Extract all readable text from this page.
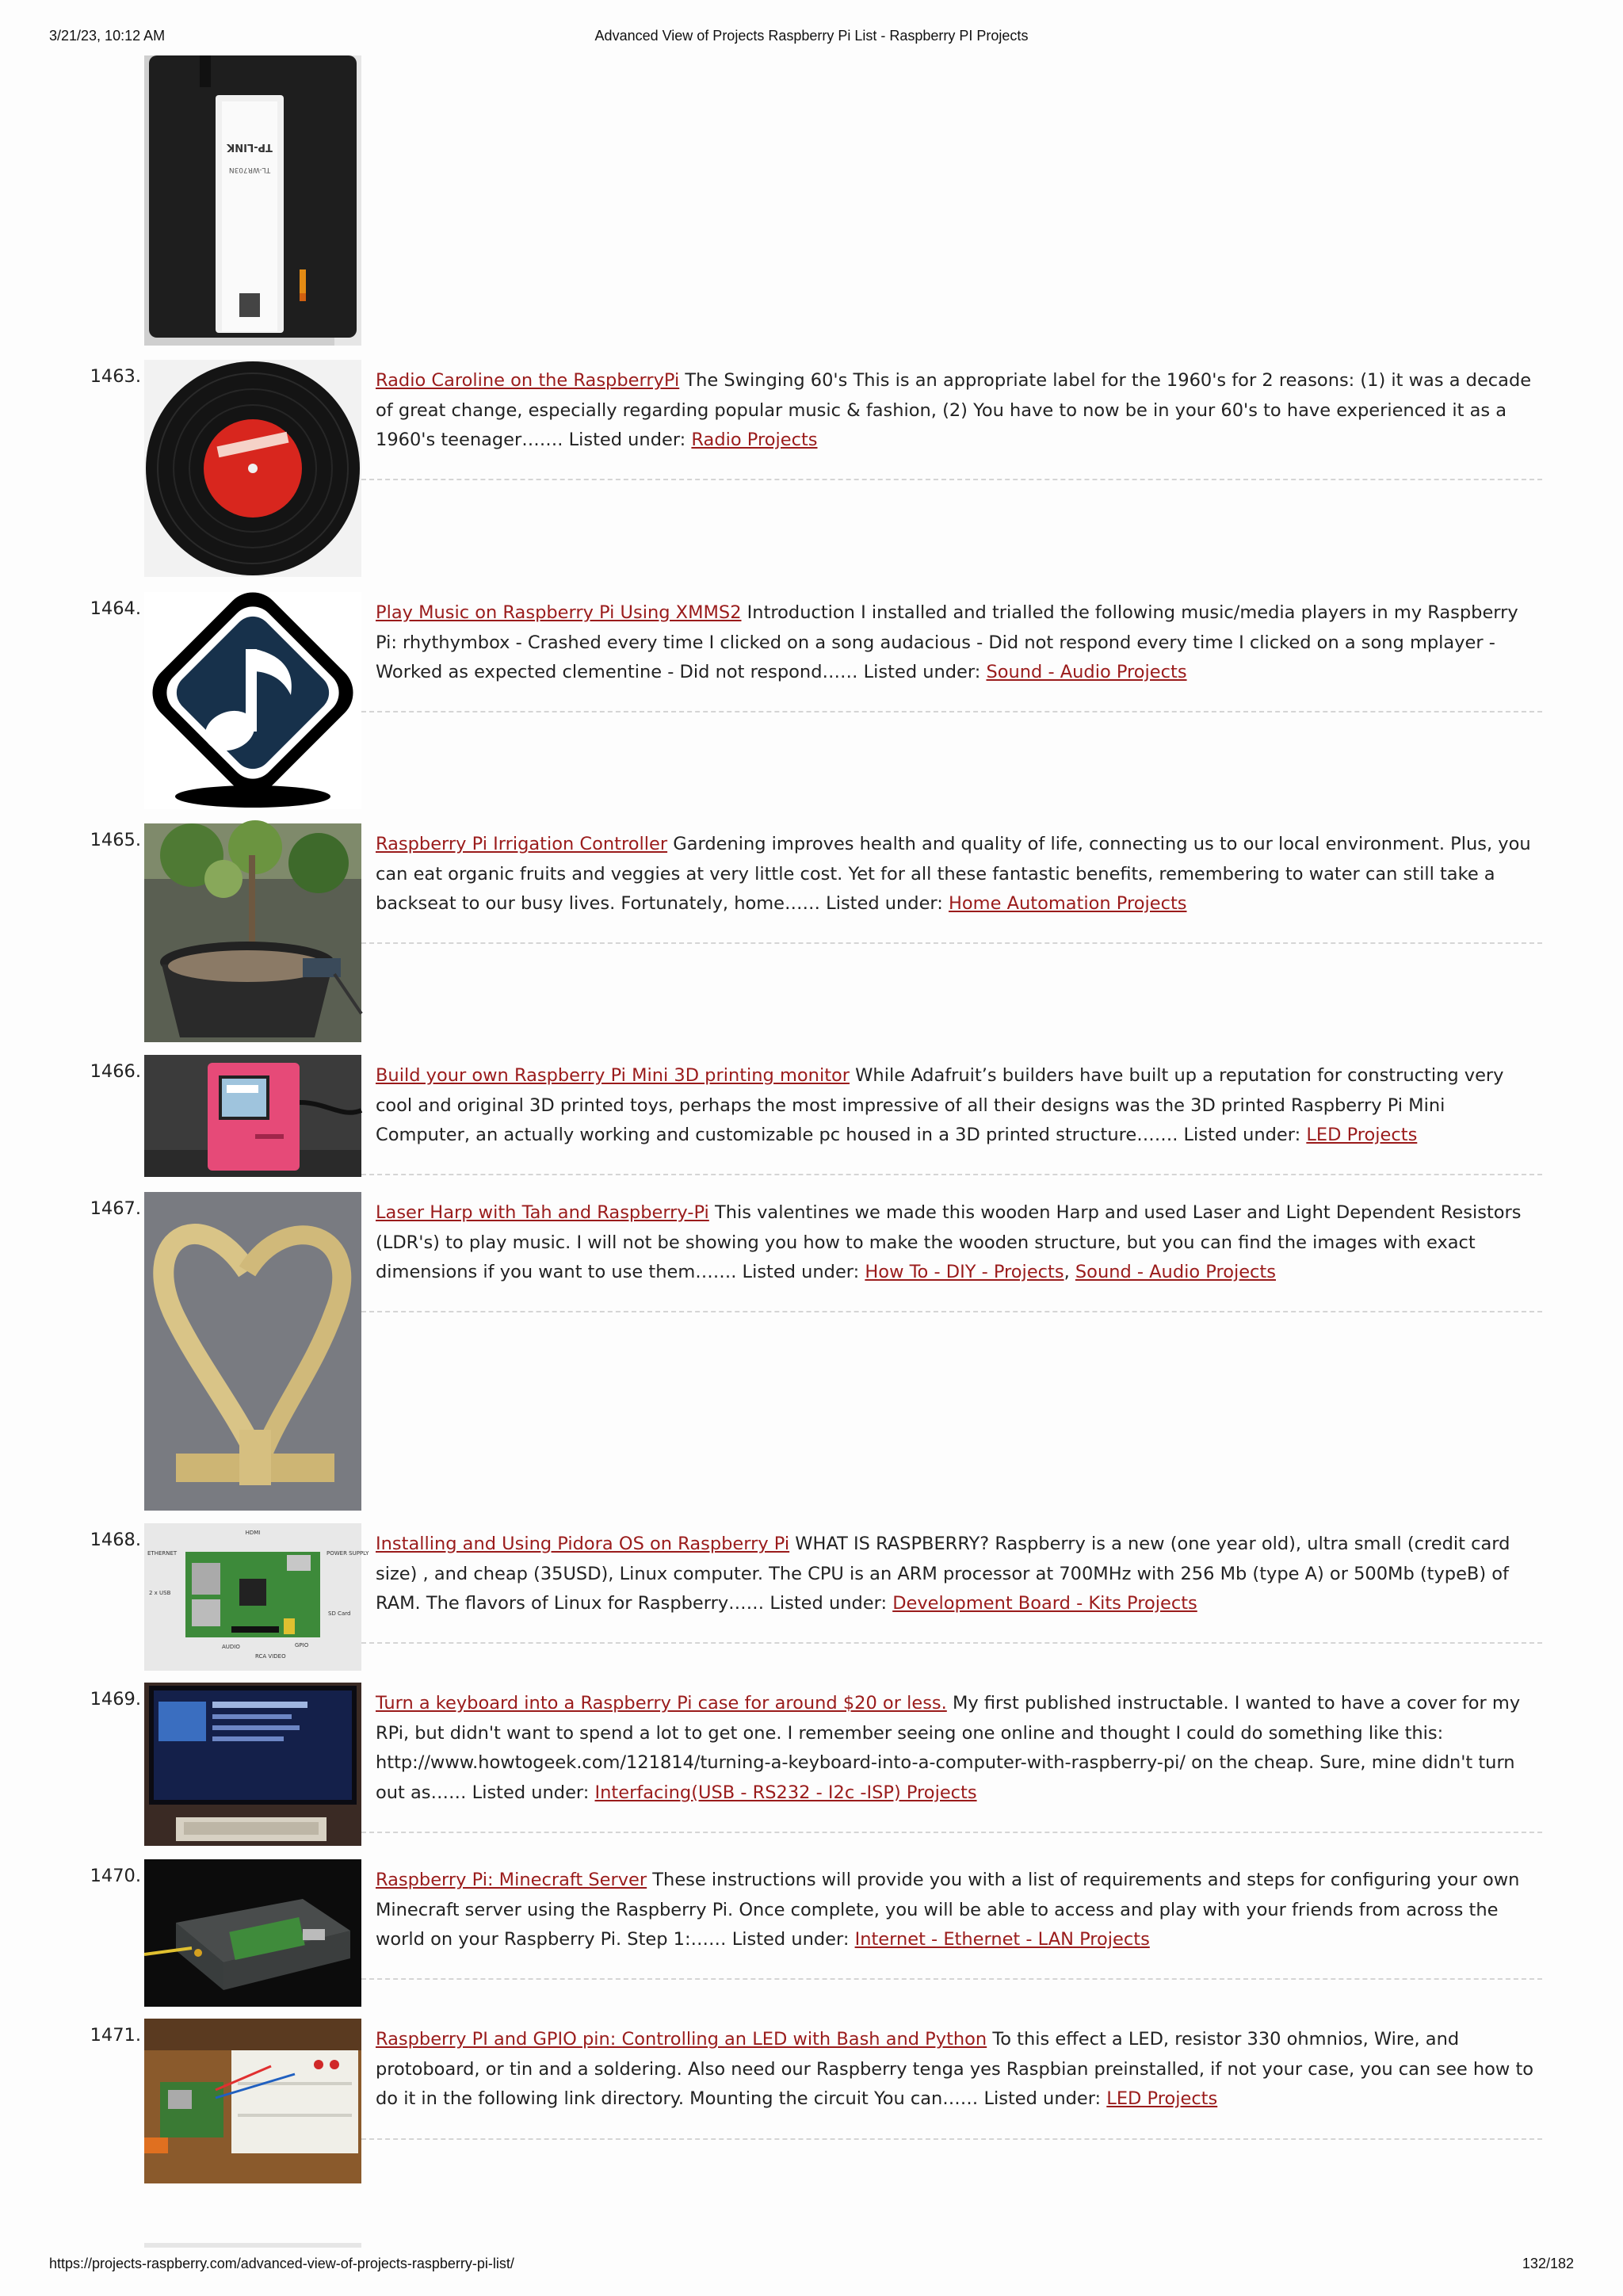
3/21/23, 10:12 AM	Advanced View of Projects Raspberry Pi List - Raspberry PI Projects
TP-LINK
TL-WR703N
1463.	Radio Caroline on the RaspberryPi The Swinging 60's This is an appropriate label for the 1960's for 2 reasons: (1) it was a decade of great change, especially regarding popular music & fashion, (2) You have to now be in your 60's to have experienced it as a 1960's teenager……. Listed under: Radio Projects
1464.	Play Music on Raspberry Pi Using XMMS2 Introduction I installed and trialled the following music/media players in my Raspberry Pi: rhythymbox - Crashed every time I clicked on a song audacious - Did not respond every time I clicked on a song mplayer - Worked as expected clementine - Did not respond…… Listed under: Sound - Audio Projects
1465.	Raspberry Pi Irrigation Controller Gardening improves health and quality of life, connecting us to our local environment. Plus, you can eat organic fruits and veggies at very little cost. Yet for all these fantastic benefits, remembering to water can still take a backseat to our busy lives. Fortunately, home…… Listed under: Home Automation Projects
1466.	Build your own Raspberry Pi Mini 3D printing monitor While Adafruit’s builders have built up a reputation for constructing very cool and original 3D printed toys, perhaps the most impressive of all their designs was the 3D printed Raspberry Pi Mini Computer, an actually working and customizable pc housed in a 3D printed structure……. Listed under: LED Projects
1467.	Laser Harp with Tah and Raspberry-Pi This valentines we made this wooden Harp and used Laser and Light Dependent Resistors (LDR's) to play music. I will not be showing you how to make the wooden structure, but you can find the images with exact dimensions if you want to use them……. Listed under: How To - DIY - Projects, Sound - Audio Projects
1468.	HDMI
ETHERNET	POWER SUPPLY
2 x USB
SD Card
GPIO
AUDIO
RCA VIDEO
Installing and Using Pidora OS on Raspberry Pi WHAT IS RASPBERRY? Raspberry is a new (one year old), ultra small (credit card size) , and cheap (35USD), Linux computer. The CPU is an ARM processor at 700MHz with 256 Mb (type A) or 500Mb (typeB) of RAM. The flavors of Linux for Raspberry…… Listed under: Development Board - Kits Projects
1469.	Turn a keyboard into a Raspberry Pi case for around $20 or less. My first published instructable. I wanted to have a cover for my RPi, but didn't want to spend a lot to get one. I remember seeing one online and thought I could do something like this: http://www.howtogeek.com/121814/turning-a-keyboard-into-a-computer-with-raspberry-pi/ on the cheap. Sure, mine didn't turn out as…… Listed under: Interfacing(USB - RS232 - I2c -ISP) Projects
1470.	Raspberry Pi: Minecraft Server These instructions will provide you with a list of requirements and steps for configuring your own Minecraft server using the Raspberry Pi. Once complete, you will be able to access and play with your friends from across the world on your Raspberry Pi. Step 1:…… Listed under: Internet - Ethernet - LAN Projects
1471.	Raspberry PI and GPIO pin: Controlling an LED with Bash and Python To this effect a LED, resistor 330 ohmnios, Wire, and protoboard, or tin and a soldering. Also need our Raspberry tenga yes Raspbian preinstalled, if not your case, you can see how to do it in the following link directory. Mounting the circuit You can…… Listed under: LED Projects
https://projects-raspberry.com/advanced-view-of-projects-raspberry-pi-list/	132/182
